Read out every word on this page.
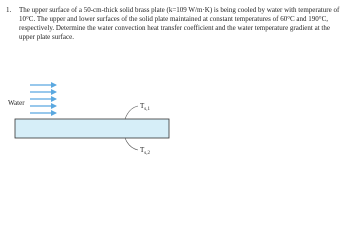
1. The upper surface of a 50-cm-thick solid brass plate (k=109 W/m·K) is being cooled by water with temperature of 10°C. The upper and lower surfaces of the solid plate maintained at constant temperatures of 60°C and 190°C, respectively. Determine the water convection heat transfer coefficient and the water temperature gradient at the upper plate surface.
Water	$T_{s,1}$
$T_{s,2}$
